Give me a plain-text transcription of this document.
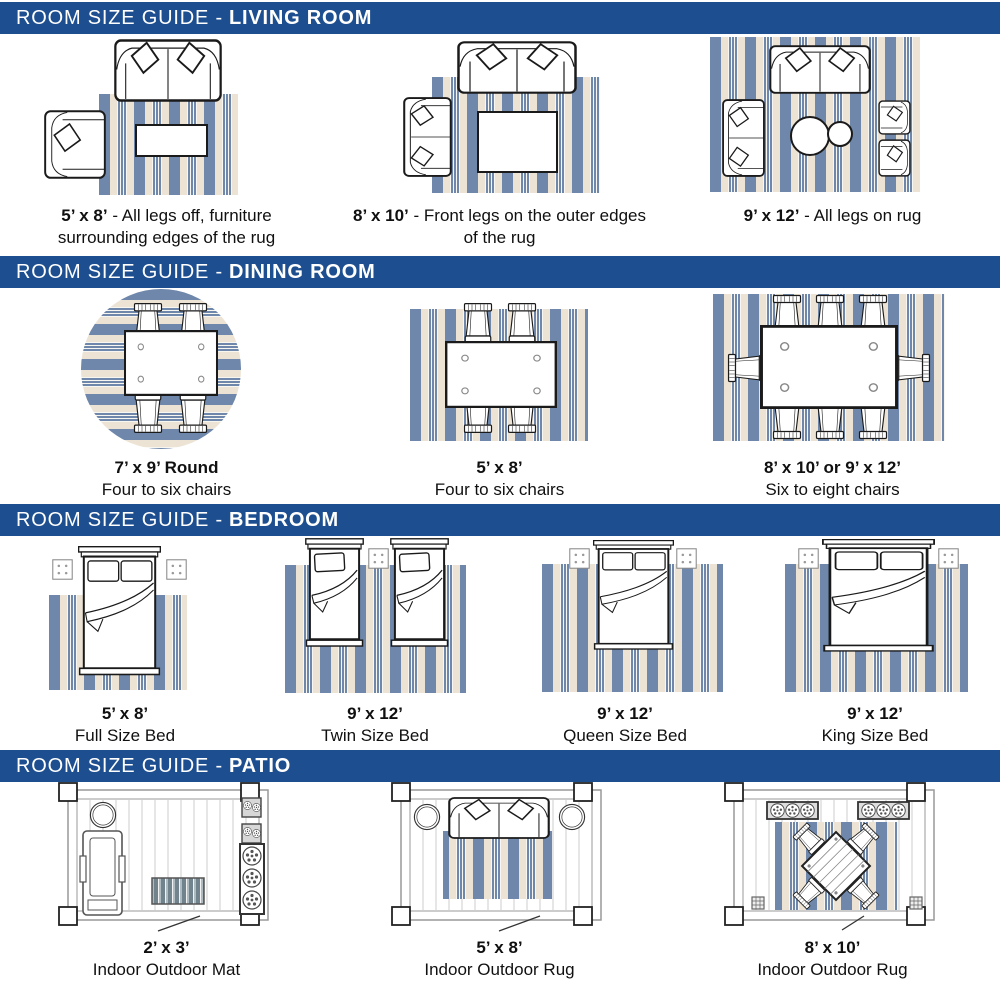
ROOM SIZE GUIDE - LIVING ROOM
5’ x 8’ - All legs off, furniture surrounding edges of the rug
8’ x 10’ - Front legs on the outer edges of the rug
9’ x 12’ - All legs on rug
ROOM SIZE GUIDE - DINING ROOM
7’ x 9’ Round
Four to six chairs
5’ x 8’
Four to six chairs
8’ x 10’ or 9’ x 12’
Six to eight chairs
ROOM SIZE GUIDE - BEDROOM
5’ x 8’
Full Size Bed
9’ x 12’
Twin Size Bed
9’ x 12’
Queen Size Bed
9’ x 12’
King Size Bed
ROOM SIZE GUIDE - PATIO
2’ x 3’
Indoor Outdoor Mat
5’ x 8’
Indoor Outdoor Rug
8’ x 10’
Indoor Outdoor Rug
